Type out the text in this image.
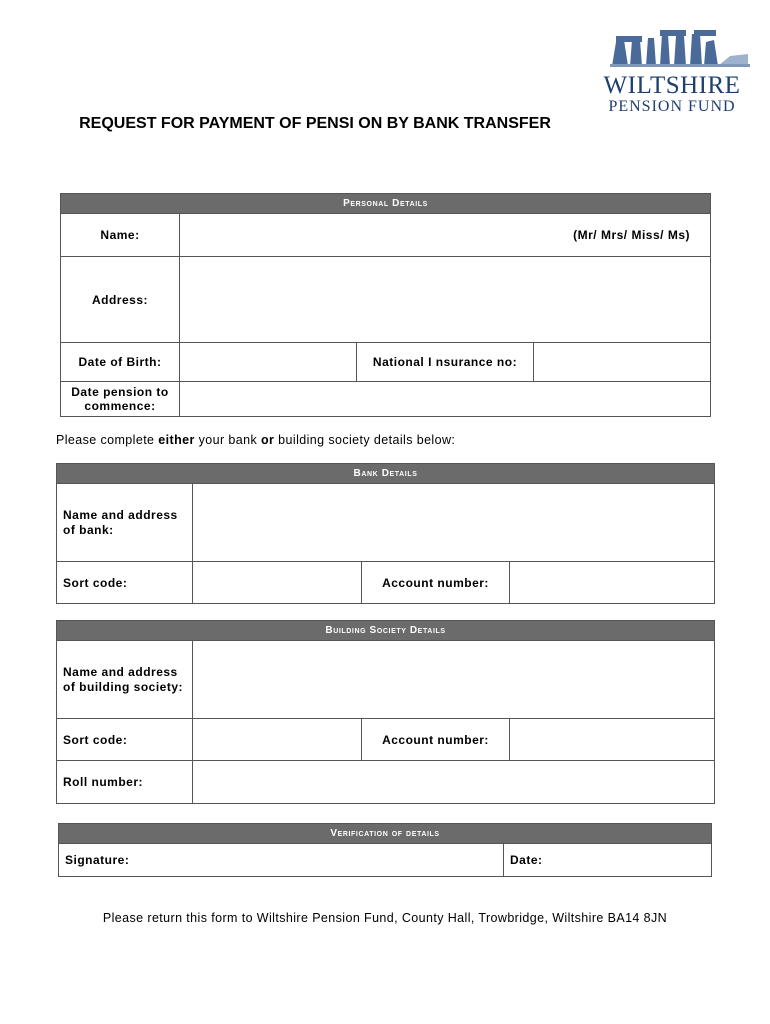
WILTSHIRE
PENSION FUND
REQUEST FOR PAYMENT OF PENSI ON BY BANK TRANSFER
Personal Details			
Name:	(Mr/ Mrs/ Miss/ Ms)		
Address:			
Date of Birth:		National I nsurance no:	
Date pension to commence:			
Please complete either your bank or building society details below:
Bank Details			
Name and address of bank:			
Sort code:		Account number:	
Building Society Details			
Name and address of building society:			
Sort code:		Account number:	
Roll number:			
Verification of details
Signature:	Date:
Please return this form to Wiltshire Pension Fund, County Hall, Trowbridge, Wiltshire BA14 8JN
